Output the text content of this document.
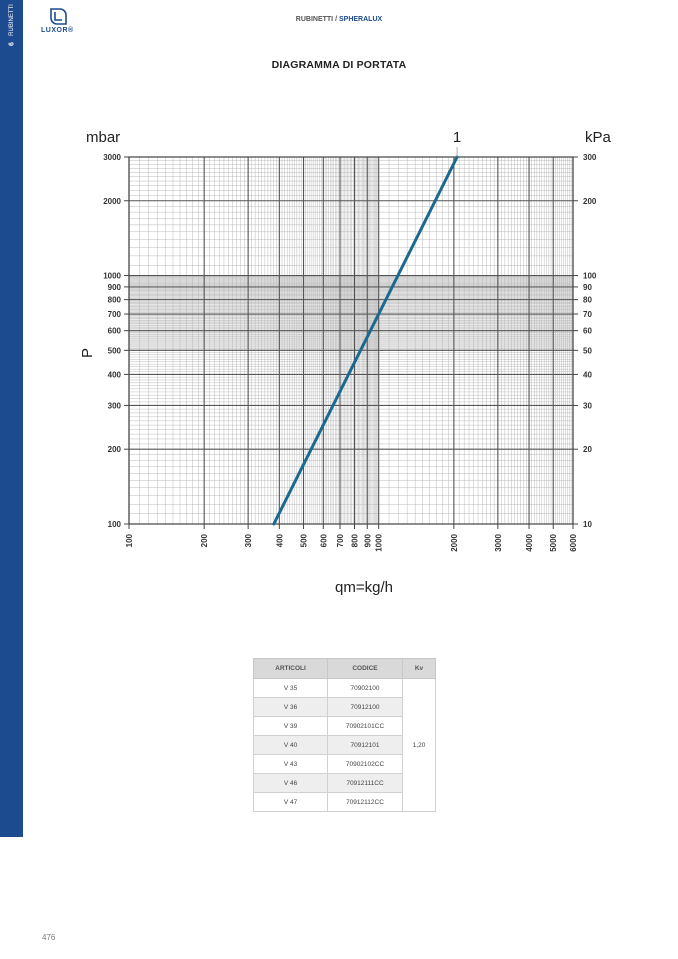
RUBINETTI
6
LUXOR®
RUBINETTI / SPHERALUX
DIAGRAMMA DI PORTATA
100
200
300
400
500
600
700
800
900
1000
2000
3000
10
20
30
40
50
60
70
80
90
100
200
300
100	200	300	400 500 600 700 800 900 1000	2000	3000	4000 5000 6000
mbar	kPa
P
qm=kg/h
1
ARTICOLI	CODICE	Kv
V 35	70902100	1,20
V 36	70912100	
V 39	70902101CC	
V 40	70912101	
V 43	70902102CC	
V 46	70912111CC	
V 47	70912112CC	
476
